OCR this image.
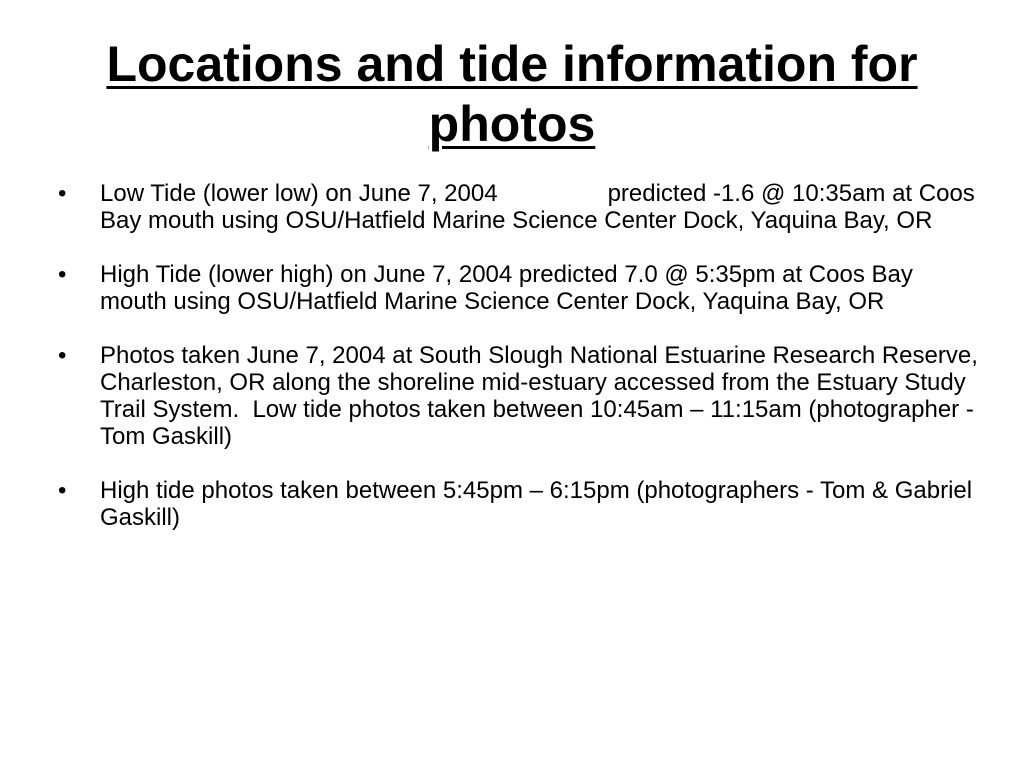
Locations and tide information for photos
•	Low Tide (lower low) on June 7, 2004	predicted -1.6 @ 10:35am at Coos Bay mouth using OSU/Hatfield Marine Science Center Dock, Yaquina Bay, OR
•	High Tide (lower high) on June 7, 2004 predicted 7.0 @ 5:35pm at Coos Bay mouth using OSU/Hatfield Marine Science Center Dock, Yaquina Bay, OR
•	Photos taken June 7, 2004 at South Slough National Estuarine Research Reserve, Charleston, OR along the shoreline mid-estuary accessed from the Estuary Study Trail System.  Low tide photos taken between 10:45am – 11:15am (photographer - Tom Gaskill)
•	High tide photos taken between 5:45pm – 6:15pm (photographers - Tom & Gabriel Gaskill)
